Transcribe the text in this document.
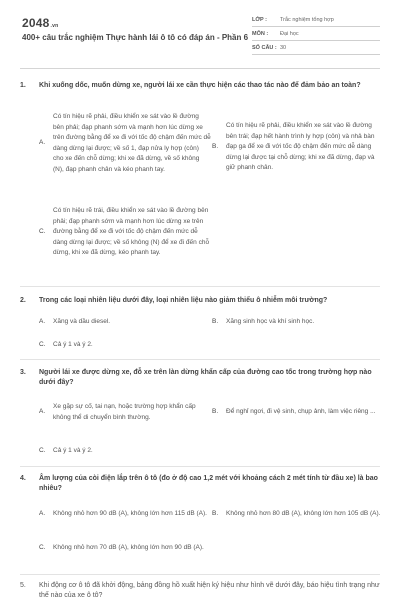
2048.vn
400+ câu trắc nghiệm Thực hành lái ô tô có đáp án - Phần 6
LỚP :	Trắc nghiệm tổng hợp
MÔN :	Đại học
SỐ CÂU : 30
1.	Khi xuống dốc, muốn dừng xe, người lái xe cần thực hiện các thao tác nào để đảm bảo an toàn?
A.
Có tín hiệu rẽ phải, điều khiển xe sát vào lề đường bên phải; đạp phanh sớm và mạnh hơn lúc dừng xe trên đường bằng để xe đi với tốc độ chậm đến mức dễ dàng dừng lại được; về số 1, đạp nửa ly hợp (côn) cho xe đến chỗ dừng; khi xe đã dừng, về số không (N), đạp phanh chân và kéo phanh tay.
B.
Có tín hiệu rẽ phải, điều khiển xe sát vào lề đường bên trái; đạp hết hành trình ly hợp (côn) và nhả bàn đạp ga để xe đi với tốc độ chậm đến mức dễ dàng dừng lại được tại chỗ dừng; khi xe đã dừng, đạp và giữ phanh chân.
C.
Có tín hiệu rẽ trái, điều khiển xe sát vào lề đường bên phải; đạp phanh sớm và mạnh hơn lúc dừng xe trên đường bằng để xe đi với tốc độ chậm đến mức dễ dàng dừng lại được; về số không (N) để xe đi đến chỗ dừng, khi xe đã dừng, kéo phanh tay.
2.	Trong các loại nhiên liệu dưới đây, loại nhiên liệu nào giảm thiểu ô nhiễm môi trường?
A.	Xăng và dầu diesel.	B.	Xăng sinh học và khí sinh học.
C.	Cả ý 1 và ý 2.
3.	Người lái xe được dừng xe, đỗ xe trên làn dừng khẩn cấp của đường cao tốc trong trường hợp nào dưới đây?
A.
Xe gặp sự cố, tai nạn, hoặc trường hợp khẩn cấp không thể di chuyển bình thường.
B.	Để nghỉ ngơi, đi vệ sinh, chụp ảnh, làm việc riêng ...
C.	Cả ý 1 và ý 2.
4.	Âm lượng của còi điện lắp trên ô tô (đo ở độ cao 1,2 mét với khoảng cách 2 mét tính từ đầu xe) là bao nhiêu?
A.	Không nhỏ hơn 90 dB (A), không lớn hơn 115 dB (A). B.	Không nhỏ hơn 80 dB (A), không lớn hơn 105 dB (A).
C.	Không nhỏ hơn 70 dB (A), không lớn hơn 90 dB (A).
5.	Khi động cơ ô tô đã khởi động, bảng đồng hồ xuất hiện ký hiệu như hình vẽ dưới đây, báo hiệu tình trạng như thế nào của xe ô tô?
